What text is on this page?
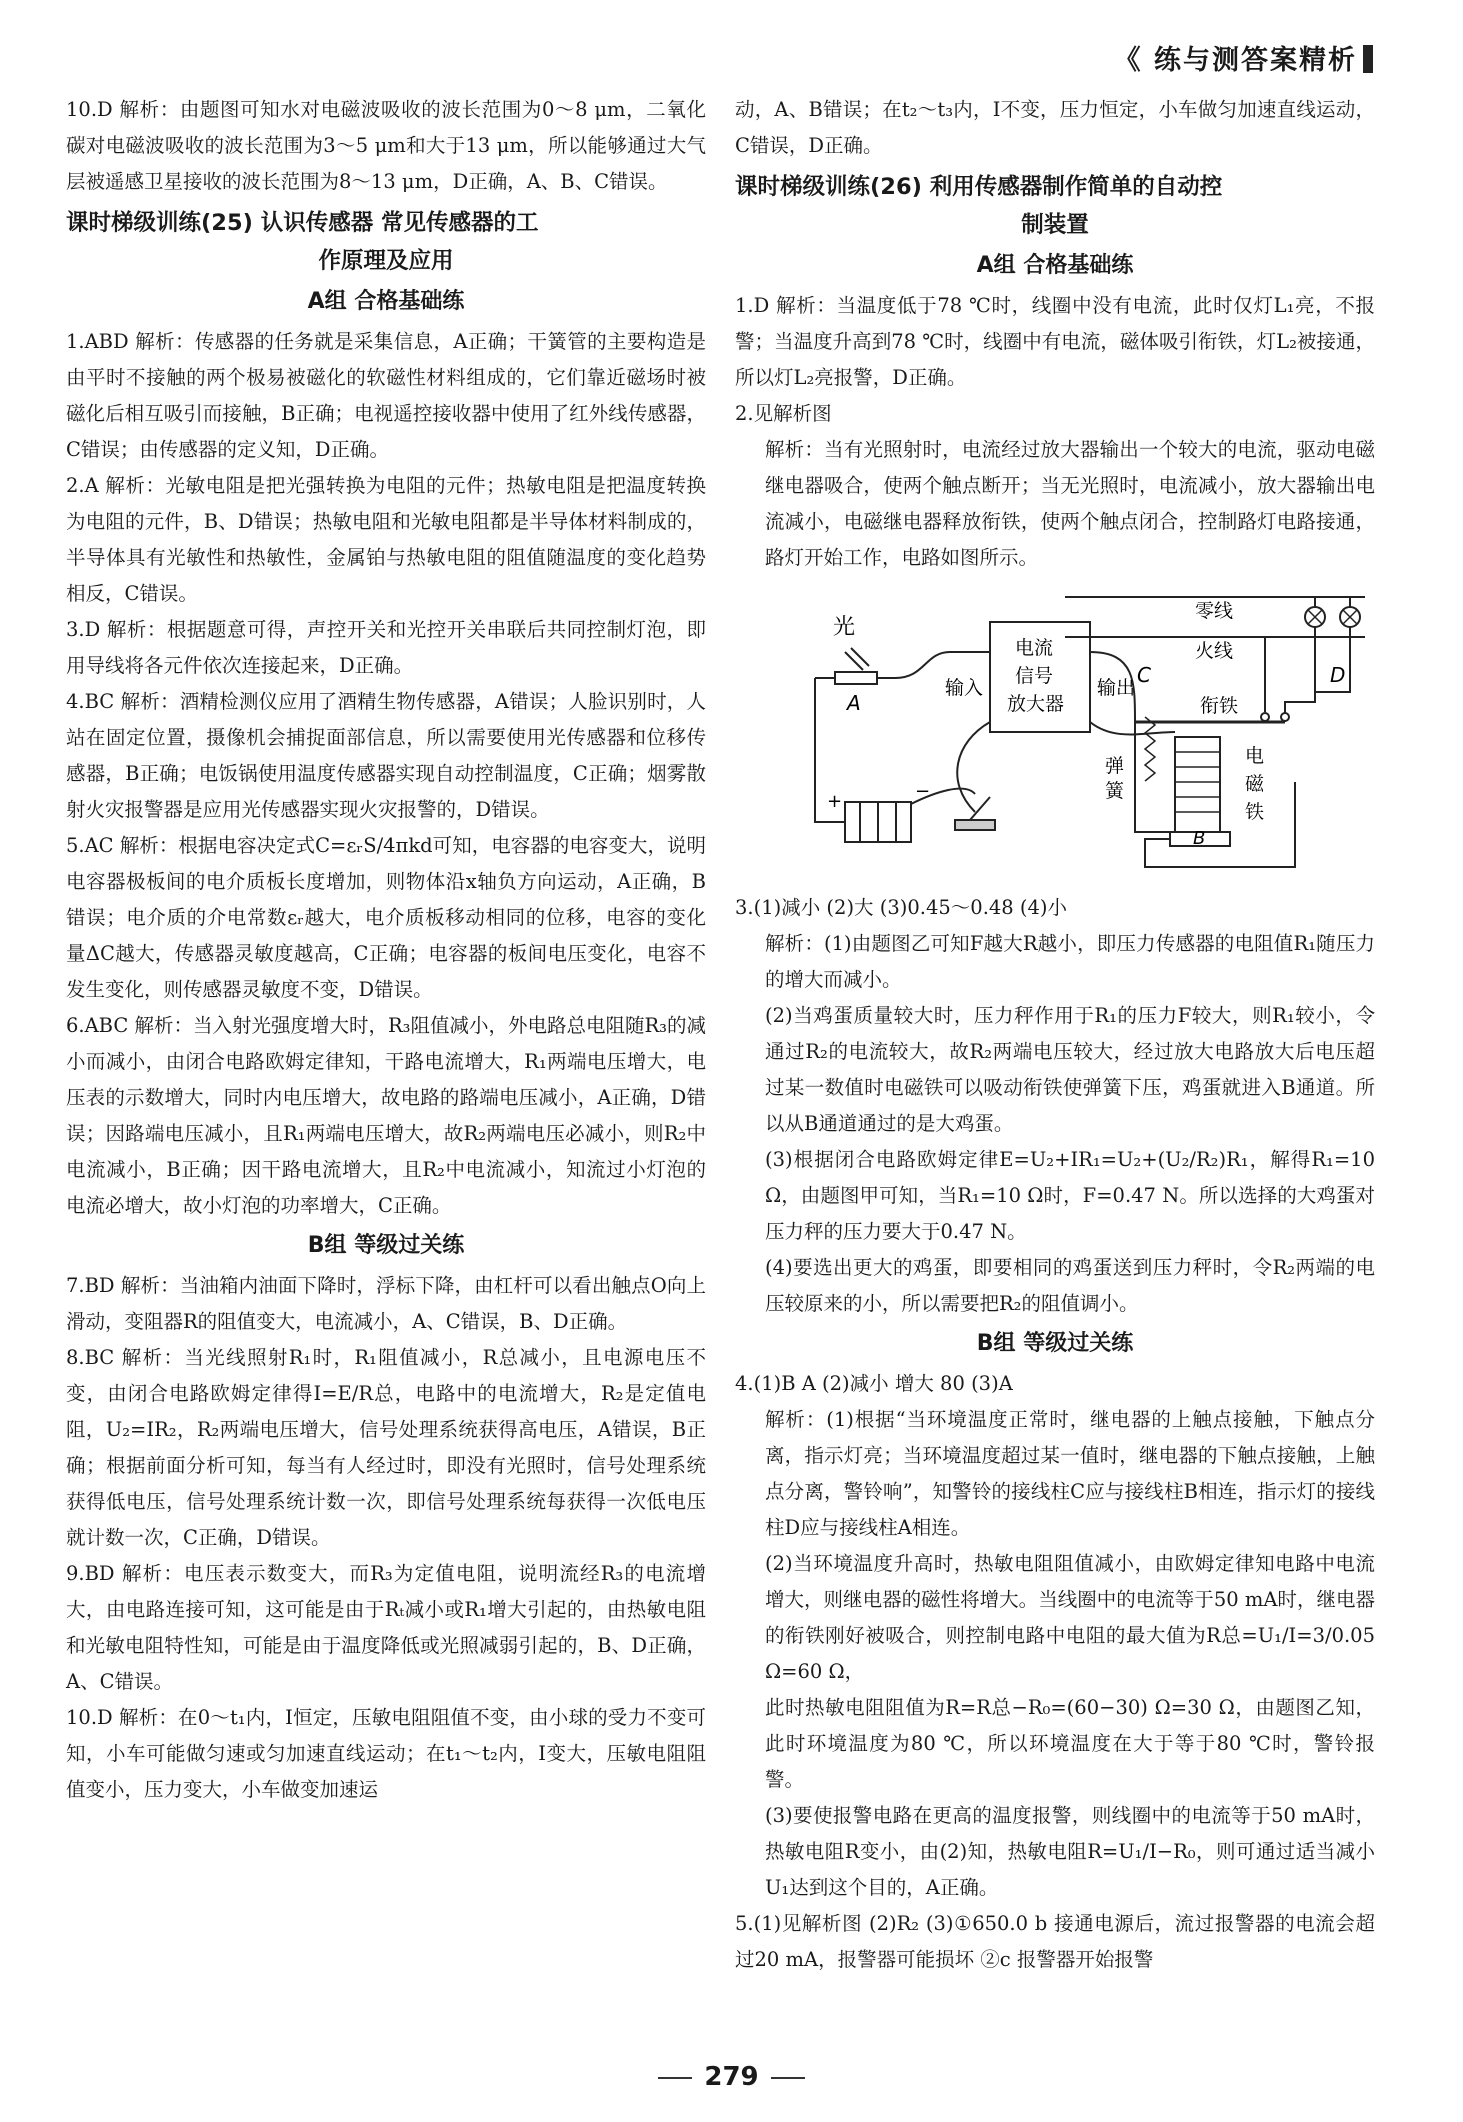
《 练与测答案精析

10.D 解析：由题图可知水对电磁波吸收的波长范围为0～8 μm，二氧化碳对电磁波吸收的波长范围为3～5 μm和大于13 μm，所以能够通过大气层被遥感卫星接收的波长范围为8～13 μm，D正确，A、B、C错误。

课时梯级训练(25) 认识传感器 常见传感器的工

作原理及应用

A组 合格基础练

1.ABD 解析：传感器的任务就是采集信息，A正确；干簧管的主要构造是由平时不接触的两个极易被磁化的软磁性材料组成的，它们靠近磁场时被磁化后相互吸引而接触，B正确；电视遥控接收器中使用了红外线传感器，C错误；由传感器的定义知，D正确。

2.A 解析：光敏电阻是把光强转换为电阻的元件；热敏电阻是把温度转换为电阻的元件，B、D错误；热敏电阻和光敏电阻都是半导体材料制成的，半导体具有光敏性和热敏性，金属铂与热敏电阻的阻值随温度的变化趋势相反，C错误。

3.D 解析：根据题意可得，声控开关和光控开关串联后共同控制灯泡，即用导线将各元件依次连接起来，D正确。

4.BC 解析：酒精检测仪应用了酒精生物传感器，A错误；人脸识别时，人站在固定位置，摄像机会捕捉面部信息，所以需要使用光传感器和位移传感器，B正确；电饭锅使用温度传感器实现自动控制温度，C正确；烟雾散射火灾报警器是应用光传感器实现火灾报警的，D错误。

5.AC 解析：根据电容决定式C=εᵣS/4πkd可知，电容器的电容变大，说明电容器极板间的电介质板长度增加，则物体沿x轴负方向运动，A正确，B错误；电介质的介电常数εᵣ越大，电介质板移动相同的位移，电容的变化量ΔC越大，传感器灵敏度越高，C正确；电容器的板间电压变化，电容不发生变化，则传感器灵敏度不变，D错误。

6.ABC 解析：当入射光强度增大时，R₃阻值减小，外电路总电阻随R₃的减小而减小，由闭合电路欧姆定律知，干路电流增大，R₁两端电压增大，电压表的示数增大，同时内电压增大，故电路的路端电压减小，A正确，D错误；因路端电压减小，且R₁两端电压增大，故R₂两端电压必减小，则R₂中电流减小，B正确；因干路电流增大，且R₂中电流减小，知流过小灯泡的电流必增大，故小灯泡的功率增大，C正确。

B组 等级过关练

7.BD 解析：当油箱内油面下降时，浮标下降，由杠杆可以看出触点O向上滑动，变阻器R的阻值变大，电流减小，A、C错误，B、D正确。

8.BC 解析：当光线照射R₁时，R₁阻值减小，R总减小，且电源电压不变，由闭合电路欧姆定律得I=E/R总，电路中的电流增大，R₂是定值电阻，U₂=IR₂，R₂两端电压增大，信号处理系统获得高电压，A错误，B正确；根据前面分析可知，每当有人经过时，即没有光照时，信号处理系统获得低电压，信号处理系统计数一次，即信号处理系统每获得一次低电压就计数一次，C正确，D错误。

9.BD 解析：电压表示数变大，而R₃为定值电阻，说明流经R₃的电流增大，由电路连接可知，这可能是由于Rₜ减小或R₁增大引起的，由热敏电阻和光敏电阻特性知，可能是由于温度降低或光照减弱引起的，B、D正确，A、C错误。

10.D 解析：在0～t₁内，I恒定，压敏电阻阻值不变，由小球的受力不变可知，小车可能做匀速或匀加速直线运动；在t₁～t₂内，I变大，压敏电阻阻值变小，压力变大，小车做变加速运

动，A、B错误；在t₂～t₃内，I不变，压力恒定，小车做匀加速直线运动，C错误，D正确。

课时梯级训练(26) 利用传感器制作简单的自动控

制装置

A组 合格基础练

1.D 解析：当温度低于78 ℃时，线圈中没有电流，此时仅灯L₁亮，不报警；当温度升高到78 ℃时，线圈中有电流，磁体吸引衔铁，灯L₂被接通，所以灯L₂亮报警，D正确。

2.见解析图

解析：当有光照射时，电流经过放大器输出一个较大的电流，驱动电磁继电器吸合，使两个触点断开；当无光照时，电流减小，放大器输出电流减小，电磁继电器释放衔铁，使两个触点闭合，控制路灯电路接通，路灯开始工作，电路如图所示。

光
A
电流
信号
放大器
输入	输出
C
零线
火线
D
衔铁
弹
簧
电
磁
铁
B
+	−

3.(1)减小 (2)大 (3)0.45～0.48 (4)小

解析：(1)由题图乙可知F越大R越小，即压力传感器的电阻值R₁随压力的增大而减小。

(2)当鸡蛋质量较大时，压力秤作用于R₁的压力F较大，则R₁较小，令通过R₂的电流较大，故R₂两端电压较大，经过放大电路放大后电压超过某一数值时电磁铁可以吸动衔铁使弹簧下压，鸡蛋就进入B通道。所以从B通道通过的是大鸡蛋。

(3)根据闭合电路欧姆定律E=U₂+IR₁=U₂+(U₂/R₂)R₁，解得R₁=10 Ω，由题图甲可知，当R₁=10 Ω时，F=0.47 N。所以选择的大鸡蛋对压力秤的压力要大于0.47 N。

(4)要选出更大的鸡蛋，即要相同的鸡蛋送到压力秤时，令R₂两端的电压较原来的小，所以需要把R₂的阻值调小。

B组 等级过关练

4.(1)B A (2)减小 增大 80 (3)A

解析：(1)根据“当环境温度正常时，继电器的上触点接触，下触点分离，指示灯亮；当环境温度超过某一值时，继电器的下触点接触，上触点分离，警铃响”，知警铃的接线柱C应与接线柱B相连，指示灯的接线柱D应与接线柱A相连。

(2)当环境温度升高时，热敏电阻阻值减小，由欧姆定律知电路中电流增大，则继电器的磁性将增大。当线圈中的电流等于50 mA时，继电器的衔铁刚好被吸合，则控制电路中电阻的最大值为R总=U₁/I=3/0.05 Ω=60 Ω，

此时热敏电阻阻值为R=R总−R₀=(60−30) Ω=30 Ω，由题图乙知，此时环境温度为80 ℃，所以环境温度在大于等于80 ℃时，警铃报警。

(3)要使报警电路在更高的温度报警，则线圈中的电流等于50 mA时，热敏电阻R变小，由(2)知，热敏电阻R=U₁/I−R₀，则可通过适当减小U₁达到这个目的，A正确。

5.(1)见解析图 (2)R₂ (3)①650.0 b 接通电源后，流过报警器的电流会超过20 mA，报警器可能损坏 ②c 报警器开始报警

279
